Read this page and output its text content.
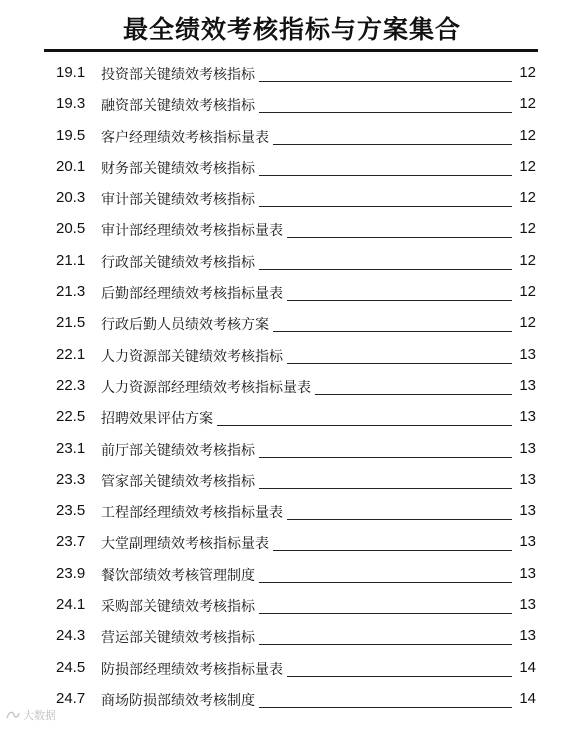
最全绩效考核指标与方案集合
19.1 投资部关键绩效考核指标	12
19.3 融资部关键绩效考核指标	12
19.5 客户经理绩效考核指标量表	12
20.1 财务部关键绩效考核指标	12
20.3 审计部关键绩效考核指标	12
20.5 审计部经理绩效考核指标量表	12
21.1 行政部关键绩效考核指标	12
21.3 后勤部经理绩效考核指标量表	12
21.5 行政后勤人员绩效考核方案	12
22.1 人力资源部关键绩效考核指标	13
22.3 人力资源部经理绩效考核指标量表	13
22.5 招聘效果评估方案	13
23.1 前厅部关键绩效考核指标	13
23.3 管家部关键绩效考核指标	13
23.5 工程部经理绩效考核指标量表	13
23.7 大堂副理绩效考核指标量表	13
23.9 餐饮部绩效考核管理制度	13
24.1 采购部关键绩效考核指标	13
24.3 营运部关键绩效考核指标	13
24.5 防损部经理绩效考核指标量表	14
24.7 商场防损部绩效考核制度	14
大数据
